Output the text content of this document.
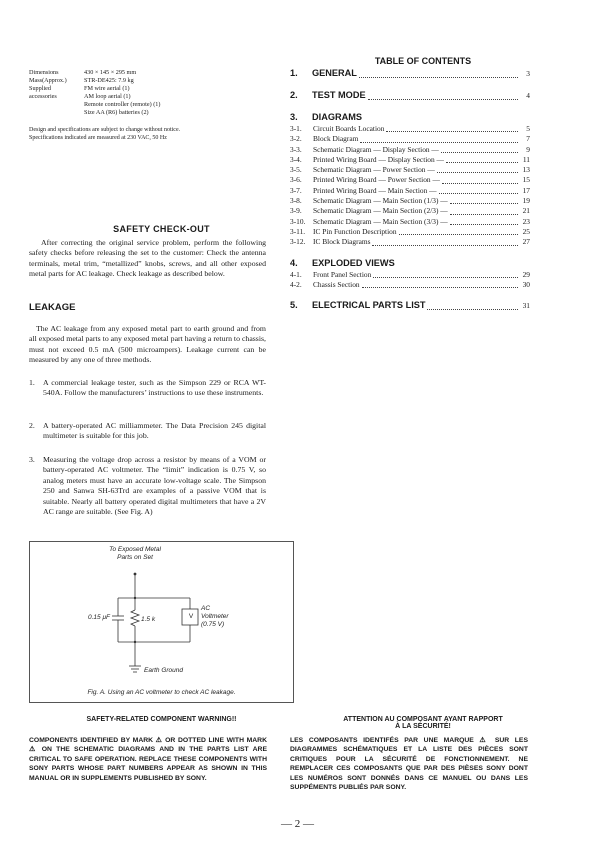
Dimensions	430 × 145 × 295 mm
Mass(Approx.)	STR-DE425: 7.9 kg
Supplied	FM wire aerial (1)
accessories	AM loop aerial (1)
Remote controller (remote) (1)
Size AA (R6) batteries (2)
Design and specifications are subject to change without notice.
Specifications indicated are measured at 230 VAC, 50 Hz
SAFETY CHECK-OUT
After correcting the original service problem, perform the following safety checks before releasing the set to the customer: Check the antenna terminals, metal trim, “metallized” knobs, screws, and all other exposed metal parts for AC leakage. Check leakage as described below.
LEAKAGE
The AC leakage from any exposed metal part to earth ground and from all exposed metal parts to any exposed metal part having a return to chassis, must not exceed 0.5 mA (500 microampers). Leakage current can be measured by any one of three methods.
1.	A commercial leakage tester, such as the Simpson 229 or RCA WT-540A. Follow the manufacturers’ instructions to use these instruments.
2.	A battery-operated AC milliammeter. The Data Precision 245 digital multimeter is suitable for this job.
3.	Measuring the voltage drop across a resistor by means of a VOM or battery-operated AC voltmeter. The “limit” indication is 0.75 V, so analog meters must have an accurate low-voltage scale. The Simpson 250 and Sanwa SH-63Trd are examples of a passive VOM that is suitable. Nearly all battery operated digital multimeters that have a 2V AC range are suitable. (See Fig. A)
To Exposed Metal
Parts on Set
0.15 μF	1.5 k	V
AC
Voltmeter
(0.75 V)
Earth Ground
Fig. A. Using an AC voltmeter to check AC leakage.
SAFETY-RELATED COMPONENT WARNING!!
COMPONENTS IDENTIFIED BY MARK ⚠ OR DOTTED LINE WITH MARK ⚠ ON THE SCHEMATIC DIAGRAMS AND IN THE PARTS LIST ARE CRITICAL TO SAFE OPERATION. REPLACE THESE COMPONENTS WITH SONY PARTS WHOSE PART NUMBERS APPEAR AS SHOWN IN THIS MANUAL OR IN SUPPLEMENTS PUBLISHED BY SONY.
ATTENTION AU COMPOSANT AYANT RAPPORT
À LA SÉCURITÉ!
LES COMPOSANTS IDENTIFÉS PAR UNE MARQUE ⚠ SUR LES DIAGRAMMES SCHÉMATIQUES ET LA LISTE DES PIÈCES SONT CRITIQUES POUR LA SÉCURITÉ DE FONCTIONNEMENT. NE REMPLACER CES COMPOSANTS QUE PAR DES PIÈSES SONY DONT LES NUMÉROS SONT DONNÉS DANS CE MANUEL OU DANS LES SUPPÉMENTS PUBLIÉS PAR SONY.
TABLE OF CONTENTS
1.	GENERAL	3
2.	TEST MODE	4
3.	DIAGRAMS
3-1.	Circuit Boards Location	5
3-2.	Block Diagram	7
3-3.	Schematic Diagram — Display Section —	9
3-4.	Printed Wiring Board — Display Section —	11
3-5.	Schematic Diagram — Power Section —	13
3-6.	Printed Wiring Board — Power Section —	15
3-7.	Printed Wiring Board — Main Section —	17
3-8.	Schematic Diagram — Main Section (1/3) —	19
3-9.	Schematic Diagram — Main Section (2/3) —	21
3-10.	Schematic Diagram — Main Section (3/3) —	23
3-11.	IC Pin Function Description	25
3-12.	IC Block Diagrams	27
4.	EXPLODED VIEWS
4-1.	Front Panel Section	29
4-2.	Chassis Section	30
5.	ELECTRICAL PARTS LIST	31
— 2 —
